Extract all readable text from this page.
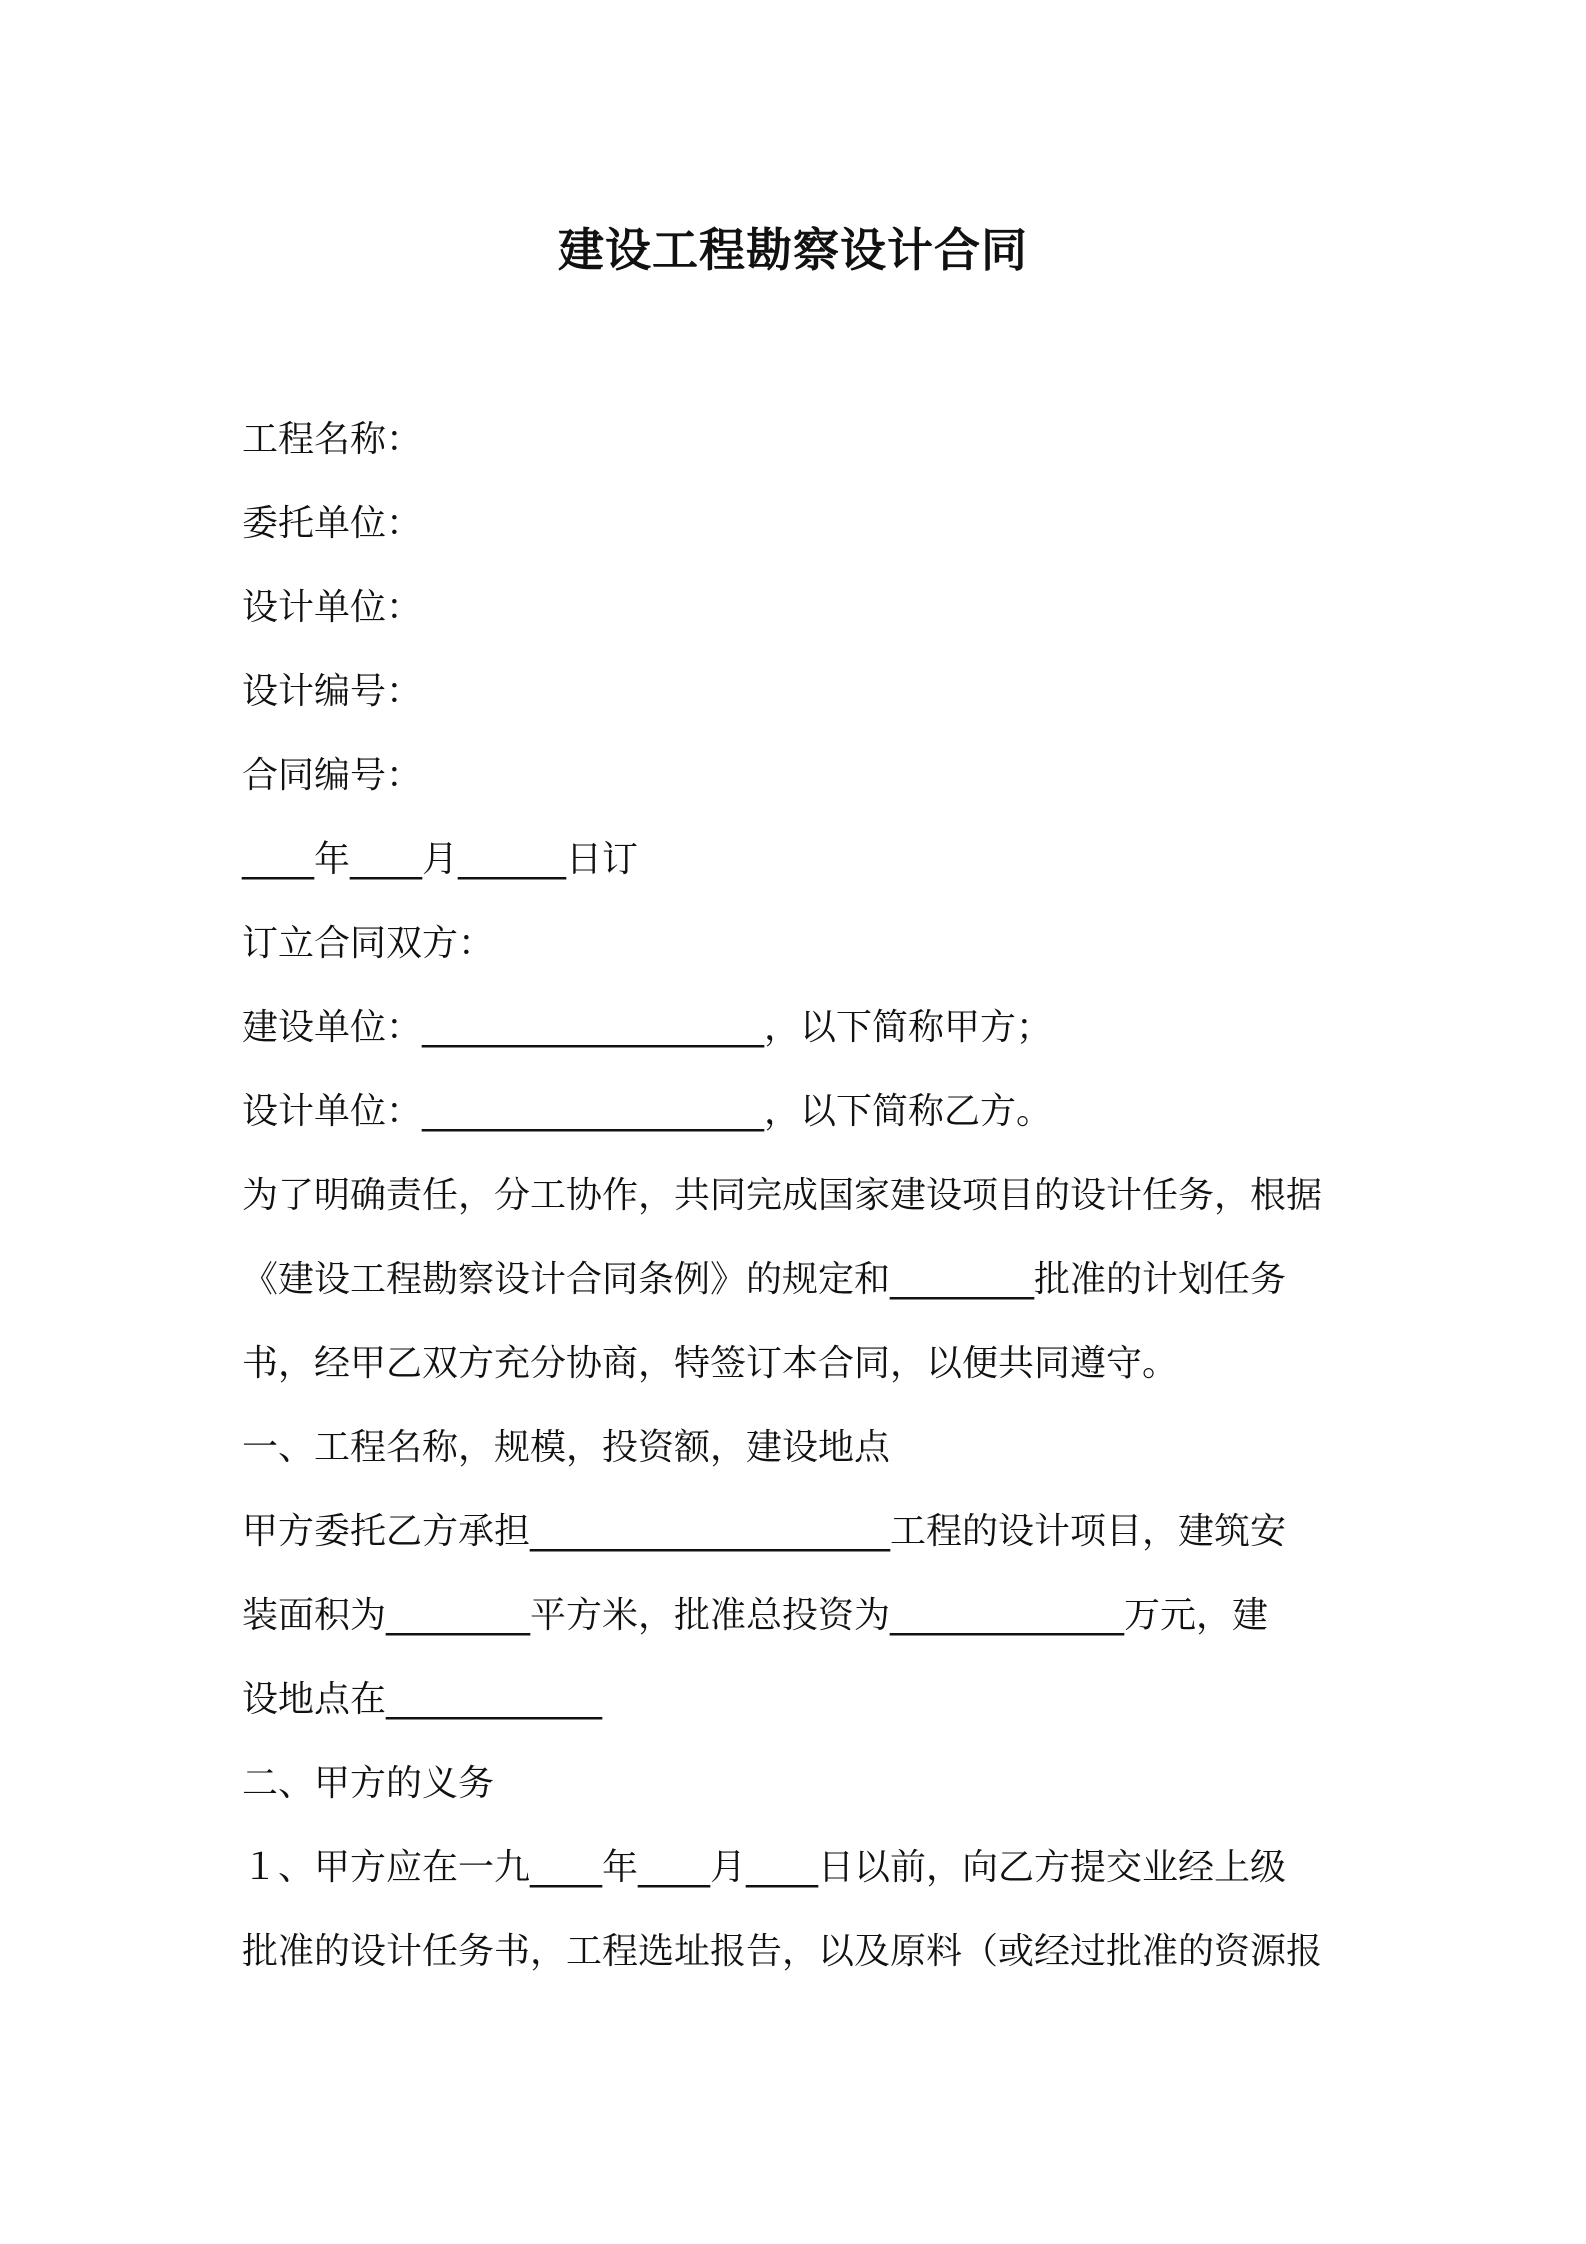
建设工程勘察设计合同
工程名称：
委托单位：
设计单位：
设计编号：
合同编号：
____年____月______日订
订立合同双方：
建设单位：___________________，以下简称甲方；
设计单位：___________________，以下简称乙方。
为了明确责任，分工协作，共同完成国家建设项目的设计任务，根据
《建设工程勘察设计合同条例》的规定和________批准的计划任务
书，经甲乙双方充分协商，特签订本合同，以便共同遵守。
一、工程名称，规模，投资额，建设地点
甲方委托乙方承担____________________工程的设计项目，建筑安
装面积为________平方米，批准总投资为_____________万元，建
设地点在____________
二、甲方的义务
１、甲方应在一九____年____月____日以前，向乙方提交业经上级
批准的设计任务书，工程选址报告，以及原料（或经过批准的资源报
